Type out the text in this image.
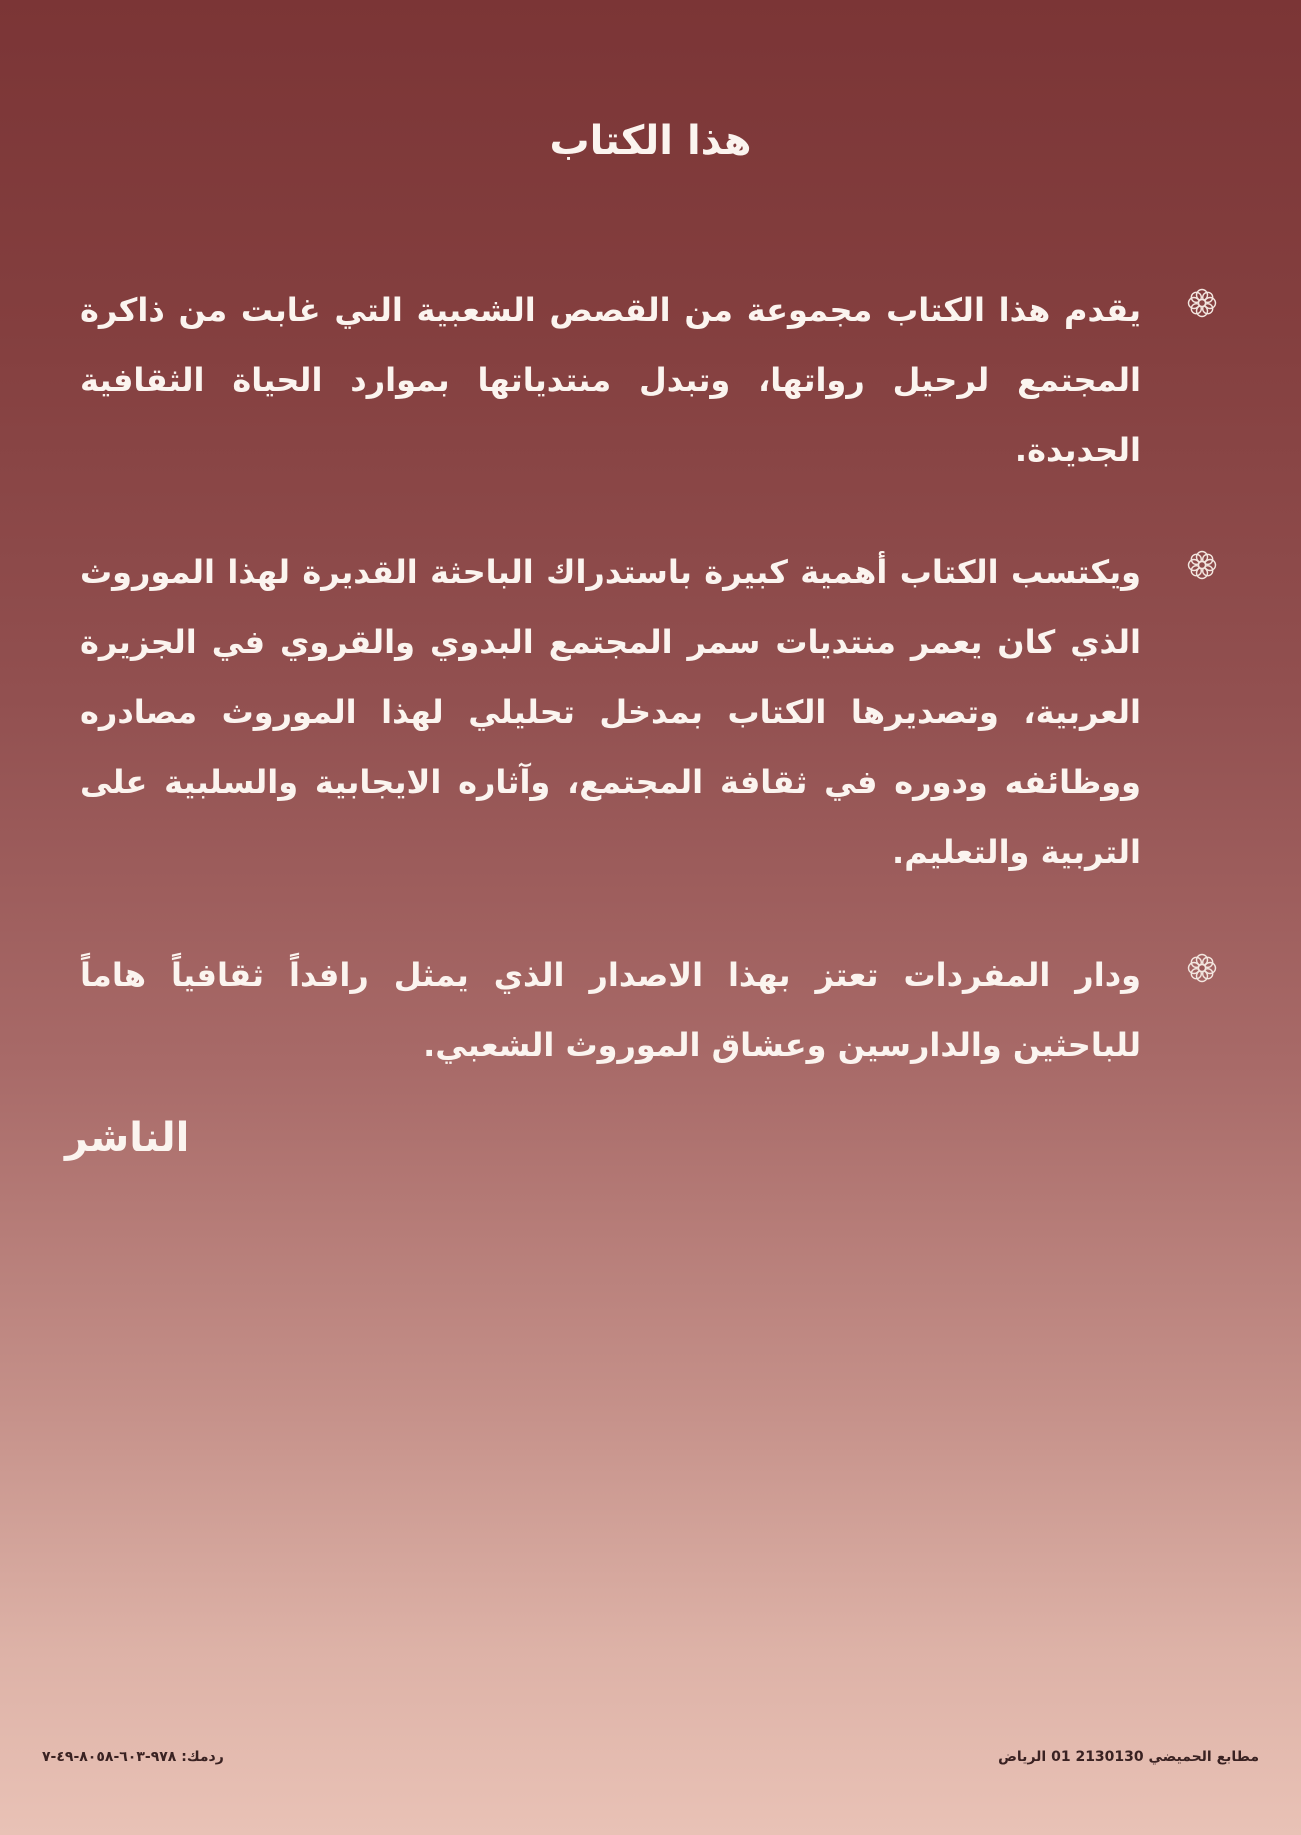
هذا الكتاب

يقدم هذا الكتاب مجموعة من القصص الشعبية التي غابت من ذاكرة المجتمع لرحيل رواتها، وتبدل منتدياتها بموارد الحياة الثقافية الجديدة.

ويكتسب الكتاب أهمية كبيرة باستدراك الباحثة القديرة لهذا الموروث الذي كان يعمر منتديات سمر المجتمع البدوي والقروي في الجزيرة العربية، وتصديرها الكتاب بمدخل تحليلي لهذا الموروث مصادره ووظائفه ودوره في ثقافة المجتمع، وآثاره الايجابية والسلبية على التربية والتعليم.

ودار المفردات تعتز بهذا الاصدار الذي يمثل رافداً ثقافياً هاماً للباحثين والدارسين وعشاق الموروث الشعبي.

الناشر

ردمك: ٩٧٨-٦٠٣-٨٠٥٨-٤٩-٧	مطابع الحميضي 2130130 01 الرياض
